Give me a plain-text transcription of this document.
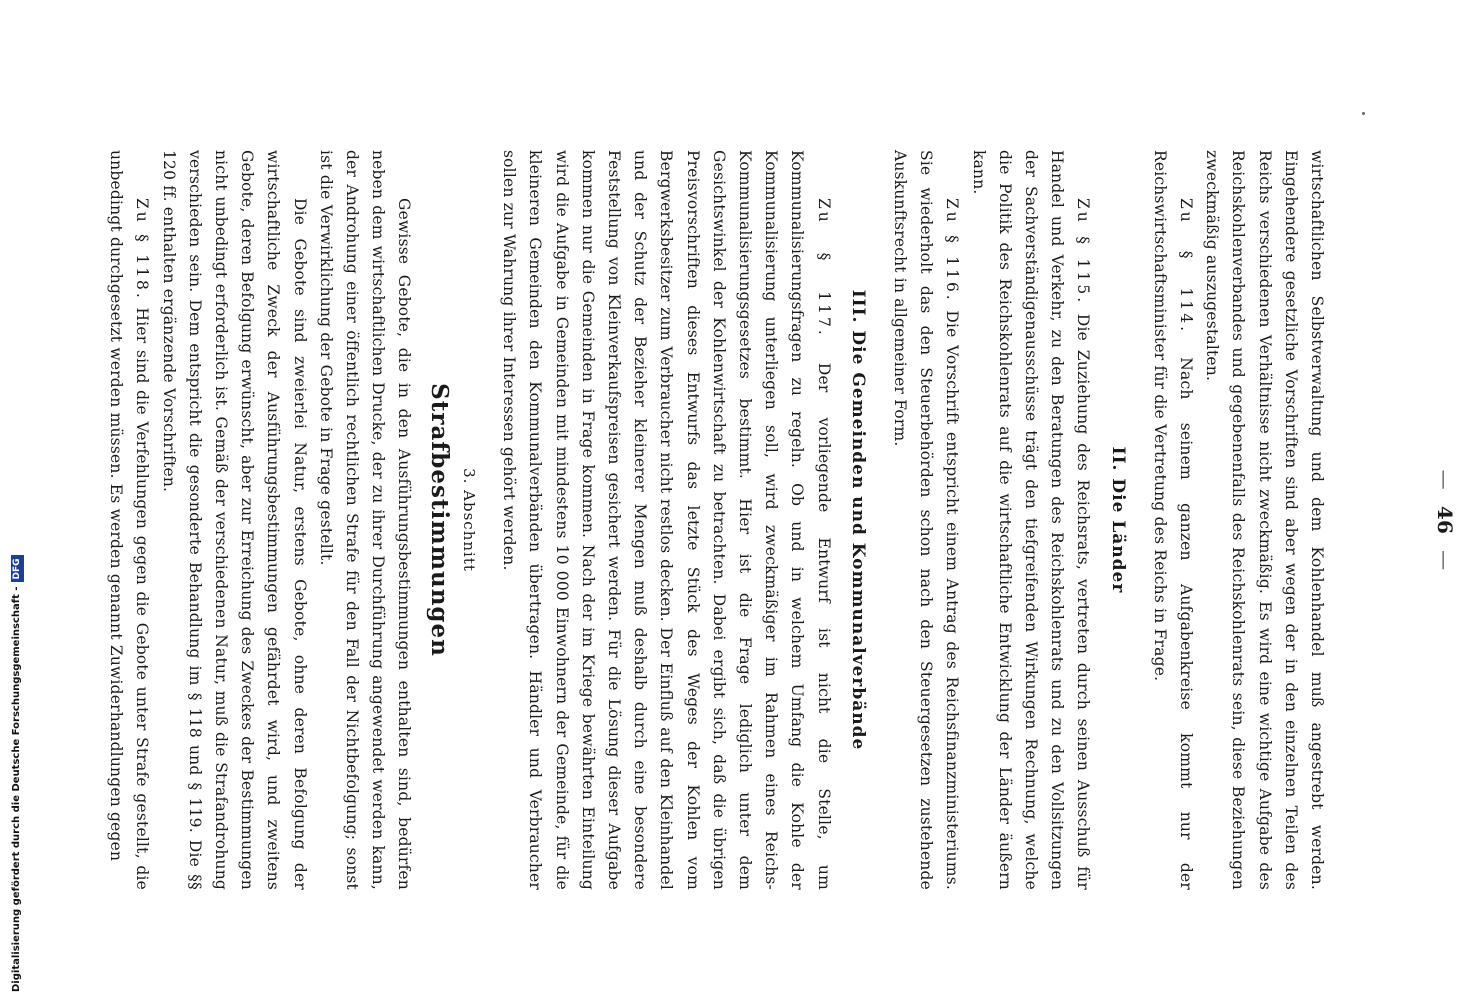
—46—

wirtschaftlichen Selbstverwaltung und dem Kohlenhandel muß angestrebt werden. Eingehendere gesetzliche Vorschriften sind aber wegen der in den einzelnen Teilen des Reichs verschiedenen Verhältnisse nicht zweckmäßig. Es wird eine wichtige Aufgabe des Reichskohlenverbandes und gegebenenfalls des Reichskohlenrats sein, diese Beziehungen zweckmäßig auszugestalten.

Zu § 114. Nach seinem ganzen Aufgabenkreise kommt nur der Reichswirtschaftsminister für die Vertretung des Reichs in Frage.

II. Die Länder

Zu § 115. Die Zuziehung des Reichsrats, vertreten durch seinen Ausschuß für Handel und Verkehr, zu den Beratungen des Reichskohlenrats und zu den Vollsitzungen der Sachverständigenausschüsse trägt den tiefgreifenden Wirkungen Rechnung, welche die Politik des Reichskohlenrats auf die wirtschaftliche Entwicklung der Länder äußern kann.

Zu § 116. Die Vorschrift entspricht einem Antrag des Reichsfinanzministeriums. Sie wiederholt das den Steuerbehörden schon nach den Steuergesetzen zustehende Auskunftsrecht in allgemeiner Form.

III. Die Gemeinden und Kommunalverbände

Zu § 117. Der vorliegende Entwurf ist nicht die Stelle, um Kommunalisierungsfragen zu regeln. Ob und in welchem Umfang die Kohle der Kommunalisierung unterliegen soll, wird zweckmäßiger im Rahmen eines Reichs-Kommunalisierungsgesetzes bestimmt. Hier ist die Frage lediglich unter dem Gesichtswinkel der Kohlenwirtschaft zu betrachten. Dabei ergibt sich, daß die übrigen Preisvorschriften dieses Entwurfs das letzte Stück des Weges der Kohlen vom Bergwerksbesitzer zum Verbraucher nicht restlos decken. Der Einfluß auf den Kleinhandel und der Schutz der Bezieher kleinerer Mengen muß deshalb durch eine besondere Feststellung von Kleinverkaufspreisen gesichert werden. Für die Lösung dieser Aufgabe kommen nur die Gemeinden in Frage kommen. Nach der im Kriege bewährten Einteilung wird die Aufgabe in Gemeinden mit mindestens 10 000 Einwohnern der Gemeinde, für die kleineren Gemeinden den Kommunalverbänden übertragen. Händler und Verbraucher sollen zur Wahrung ihrer Interessen gehört werden.

3. Abschnitt
Strafbestimmungen

Gewisse Gebote, die in den Ausführungsbestimmungen enthalten sind, bedürfen neben dem wirtschaftlichen Drucke, der zu ihrer Durchführung angewendet werden kann, der Androhung einer öffentlich rechtlichen Strafe für den Fall der Nichtbefolgung; sonst ist die Verwirklichung der Gebote in Frage gestellt.

Die Gebote sind zweierlei Natur, erstens Gebote, ohne deren Befolgung der wirtschaftliche Zweck der Ausführungsbestimmungen gefährdet wird, und zweitens Gebote, deren Befolgung erwünscht, aber zur Erreichung des Zweckes der Bestimmungen nicht unbedingt erforderlich ist. Gemäß der verschiedenen Natur, muß die Strafandrohung verschieden sein. Dem entspricht die gesonderte Behandlung im § 118 und § 119. Die §§ 120 ff. enthalten ergänzende Vorschriften.

Zu § 118. Hier sind die Verfehlungen gegen die Gebote unter Strafe gestellt, die unbedingt durchgesetzt werden müssen. Es werden genannt Zuwiderhandlungen gegen

Digitalisierung gefördert durch die Deutsche Forschungsgemeinschaft -
DFG
